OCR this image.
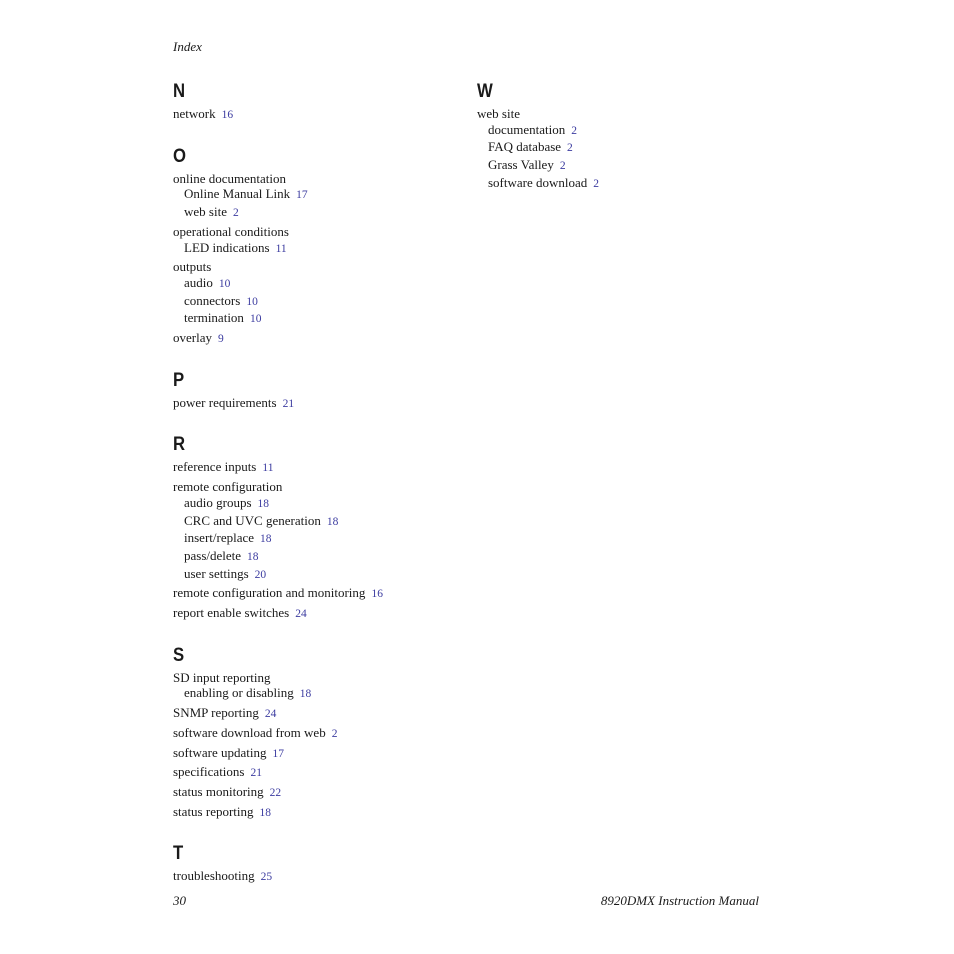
Index
N
network 16
O
online documentation
Online Manual Link 17
web site 2
operational conditions
LED indications 11
outputs
audio 10
connectors 10
termination 10
overlay 9
P
power requirements 21
R
reference inputs 11
remote configuration
audio groups 18
CRC and UVC generation 18
insert/replace 18
pass/delete 18
user settings 20
remote configuration and monitoring 16
report enable switches 24
S
SD input reporting
enabling or disabling 18
SNMP reporting 24
software download from web 2
software updating 17
specifications 21
status monitoring 22
status reporting 18
T
troubleshooting 25
W
web site
documentation 2
FAQ database 2
Grass Valley 2
software download 2
30	8920DMX Instruction Manual
